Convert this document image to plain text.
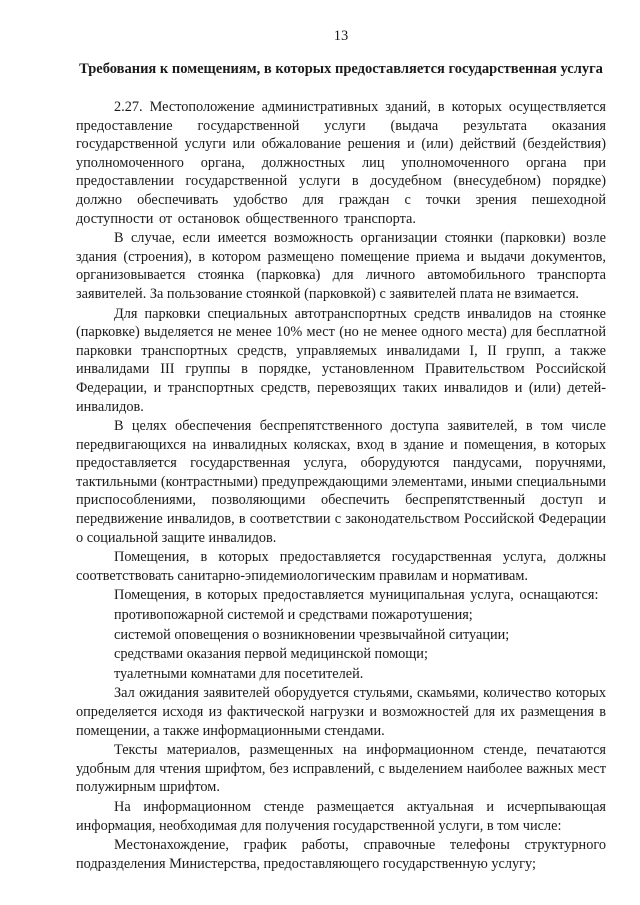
13
Требования к помещениям, в которых предоставляется государственная услуга

2.27. Местоположение административных зданий, в которых осуществляется предоставление государственной услуги (выдача результата оказания государственной услуги или обжалование решения и (или) действий (бездействия) уполномоченного органа, должностных лиц уполномоченного органа при предоставлении государственной услуги в досудебном (внесудебном) порядке) должно обеспечивать удобство для граждан с точки зрения пешеходной доступности от остановок общественного транспорта.

В случае, если имеется возможность организации стоянки (парковки) возле здания (строения), в котором размещено помещение приема и выдачи документов, организовывается стоянка (парковка) для личного автомобильного транспорта заявителей. За пользование стоянкой (парковкой) с заявителей плата не взимается.

Для парковки специальных автотранспортных средств инвалидов на стоянке (парковке) выделяется не менее 10% мест (но не менее одного места) для бесплатной парковки транспортных средств, управляемых инвалидами I, II групп, а также инвалидами III группы в порядке, установленном Правительством Российской Федерации, и транспортных средств, перевозящих таких инвалидов и (или) детей-инвалидов.

В целях обеспечения беспрепятственного доступа заявителей, в том числе передвигающихся на инвалидных колясках, вход в здание и помещения, в которых предоставляется государственная услуга, оборудуются пандусами, поручнями, тактильными (контрастными) предупреждающими элементами, иными специальными приспособлениями, позволяющими обеспечить беспрепятственный доступ и передвижение инвалидов, в соответствии с законодательством Российской Федерации о социальной защите инвалидов.

Помещения, в которых предоставляется государственная услуга, должны соответствовать санитарно-эпидемиологическим правилам и нормативам.

Помещения, в которых предоставляется муниципальная услуга, оснащаются:

противопожарной системой и средствами пожаротушения;

системой оповещения о возникновении чрезвычайной ситуации;

средствами оказания первой медицинской помощи;

туалетными комнатами для посетителей.

Зал ожидания заявителей оборудуется стульями, скамьями, количество которых определяется исходя из фактической нагрузки и возможностей для их размещения в помещении, а также информационными стендами.

Тексты материалов, размещенных на информационном стенде, печатаются удобным для чтения шрифтом, без исправлений, с выделением наиболее важных мест полужирным шрифтом.

На информационном стенде размещается актуальная и исчерпывающая информация, необходимая для получения государственной услуги, в том числе:

Местонахождение, график работы, справочные телефоны структурного подразделения Министерства, предоставляющего государственную услугу;
